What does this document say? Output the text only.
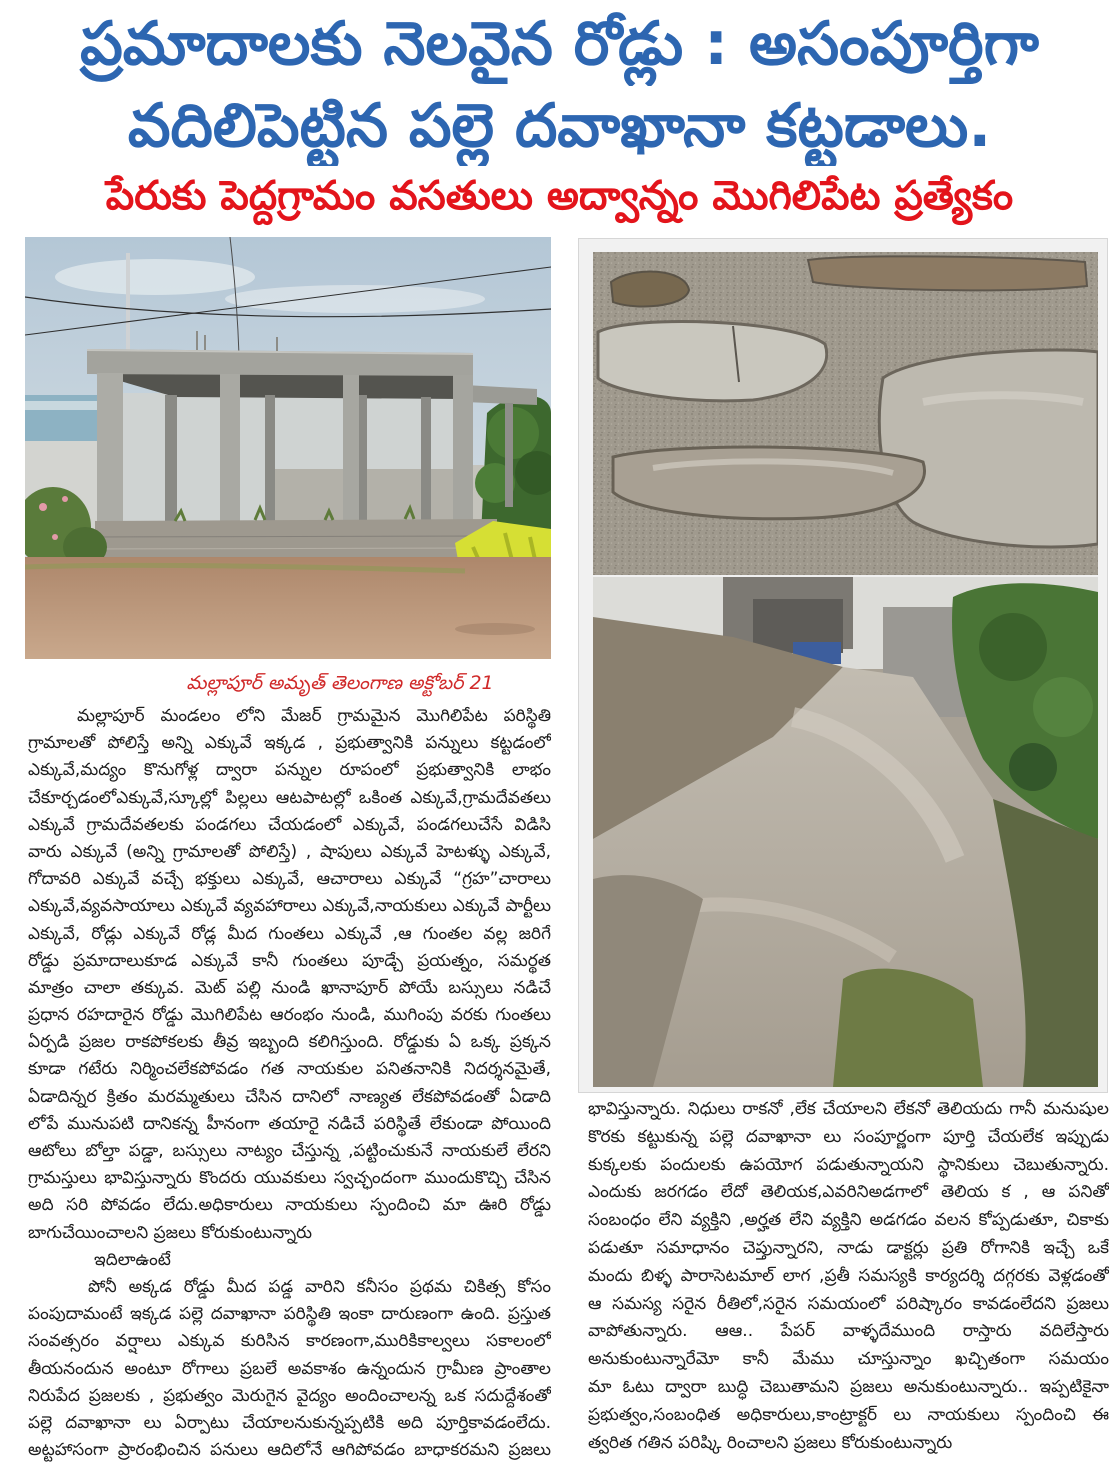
ప్రమాదాలకు నెలవైన రోడ్లు : అసంపూర్తిగా
వదిలిపెట్టిన పల్లె దవాఖానా కట్టడాలు.
పేరుకు పెద్దగ్రామం వసతులు అద్వాన్నం మొగిలిపేట ప్రత్యేకం
మల్లాపూర్ అమృత్ తెలంగాణ అక్టోబర్ 21
మల్లాపూర్ మండలం లోని మేజర్ గ్రామమైన మొగిలిపేట పరిస్థితి
గ్రామాలతో పోలిస్తే అన్ని ఎక్కువే ఇక్కడ , ప్రభుత్వానికి పన్నులు కట్టడంలో
ఎక్కువే,మద్యం కొనుగోళ్ల ద్వారా పన్నుల రూపంలో ప్రభుత్వానికి లాభం
చేకూర్చడంలోఎక్కువే,స్కూల్లో పిల్లలు ఆటపాటల్లో ఒకింత ఎక్కువే,గ్రామదేవతలు
ఎక్కువే గ్రామదేవతలకు పండగలు చేయడంలో ఎక్కువే, పండగలుచేసే విడిసి
వారు ఎక్కువే (అన్ని గ్రామాలతో పోలిస్తే) , షాపులు ఎక్కువే హెటళ్ళు ఎక్కువే,
గోదావరి ఎక్కువే వచ్చే భక్తులు ఎక్కువే, ఆచారాలు ఎక్కువే “గ్రహ”చారాలు
ఎక్కువే,వ్యవసాయాలు ఎక్కువే వ్యవహారాలు ఎక్కువే,నాయకులు ఎక్కువే పార్టీలు
ఎక్కువే, రోడ్లు ఎక్కువే రోడ్ల మీద గుంతలు ఎక్కువే ,ఆ గుంతల వల్ల జరిగే
రోడ్డు ప్రమాదాలుకూడ ఎక్కువే కానీ గుంతలు పూడ్చే ప్రయత్నం, సమర్థత
మాత్రం చాలా తక్కువ. మెట్ పల్లి నుండి ఖానాపూర్ పోయే బస్సులు నడిచే
ప్రధాన రహదారైన రోడ్డు మొగిలిపేట ఆరంభం నుండి, ముగింపు వరకు గుంతలు
ఏర్పడి ప్రజల రాకపోకలకు తీవ్ర ఇబ్బంది కలిగిస్తుంది. రోడ్డుకు ఏ ఒక్క ప్రక్కన
కూడా గటేరు నిర్మించలేకపోవడం గత నాయకుల పనితనానికి నిదర్శనమైతే,
ఏడాదిన్నర క్రితం మరమ్మతులు చేసిన దానిలో నాణ్యత లేకపోవడంతో ఏడాది
లోపే మునుపటి దానికన్న హీనంగా తయారై నడిచే పరిస్థితే లేకుండా పోయింది
ఆటోలు బోల్తా పడ్డా, బస్సులు నాట్యం చేస్తున్న ,పట్టించుకునే నాయకులే లేరని
గ్రామస్తులు భావిస్తున్నారు కొందరు యువకులు స్వచ్ఛందంగా ముందుకొచ్చి చేసిన
అది సరి పోవడం లేదు.అధికారులు నాయకులు స్పందించి మా ఊరి రోడ్డు
బాగుచేయించాలని ప్రజలు కోరుకుంటున్నారు
ఇదిలాఉంటే
పోనీ అక్కడ రోడ్డు మీద పడ్డ వారిని కనీసం ప్రథమ చికిత్స కోసం
పంపుదామంటే ఇక్కడ పల్లె దవాఖానా పరిస్థితి ఇంకా దారుణంగా ఉంది. ప్రస్తుత
సంవత్సరం వర్షాలు ఎక్కువ కురిసిన కారణంగా,మురికికాల్వలు సకాలంలో
తీయనందున అంటూ రోగాలు ప్రబలే అవకాశం ఉన్నందున గ్రామీణ ప్రాంతాల
నిరుపేద ప్రజలకు , ప్రభుత్వం మెరుగైన వైద్యం అందించాలన్న ఒక సదుద్దేశంతో
పల్లె దవాఖానా లు ఏర్పాటు చేయాలనుకున్నప్పటికి అది పూర్తికావడంలేదు.
అట్టహాసంగా ప్రారంభించిన పనులు ఆదిలోనే ఆగిపోవడం బాధాకరమని ప్రజలు
భావిస్తున్నారు. నిధులు రాకనో ,లేక చేయాలని లేకనో తెలియదు గానీ మనుషుల
కొరకు కట్టుకున్న పల్లె దవాఖానా లు సంపూర్ణంగా పూర్తి చేయలేక ఇప్పుడు
కుక్కలకు పందులకు ఉపయోగ పడుతున్నాయని స్థానికులు చెబుతున్నారు.
ఎందుకు జరగడం లేదో తెలియక,ఎవరినిఅడగాలో తెలియ క , ఆ పనితో
సంబంధం లేని వ్యక్తిని ,అర్హత లేని వ్యక్తిని అడగడం వలన కోప్పడుతూ, చికాకు
పడుతూ సమాధానం చెప్తున్నారని, నాడు డాక్టర్లు ప్రతి రోగానికి ఇచ్చే ఒకే
మందు బిళ్ళ పారాసెటమాల్ లాగ ,ప్రతీ సమస్యకి కార్యదర్శి దగ్గరకు వెళ్లడంతో
ఆ సమస్య సరైన రీతిలో,సరైన సమయంలో పరిష్కారం కావడంలేదని ప్రజలు
వాపోతున్నారు. ఆఆ.. పేపర్ వాళ్ళదేముంది రాస్తారు వదిలేస్తారు
అనుకుంటున్నారేమో కానీ మేము చూస్తున్నాం ఖచ్చితంగా సమయం
మా ఓటు ద్వారా బుద్ధి చెబుతామని ప్రజలు అనుకుంటున్నారు.. ఇప్పటికైనా
ప్రభుత్వం,సంబంధిత అధికారులు,కాంట్రాక్టర్ లు నాయకులు స్పందించి ఈ
త్వరిత గతిన పరిష్కి రించాలని ప్రజలు కోరుకుంటున్నారు
